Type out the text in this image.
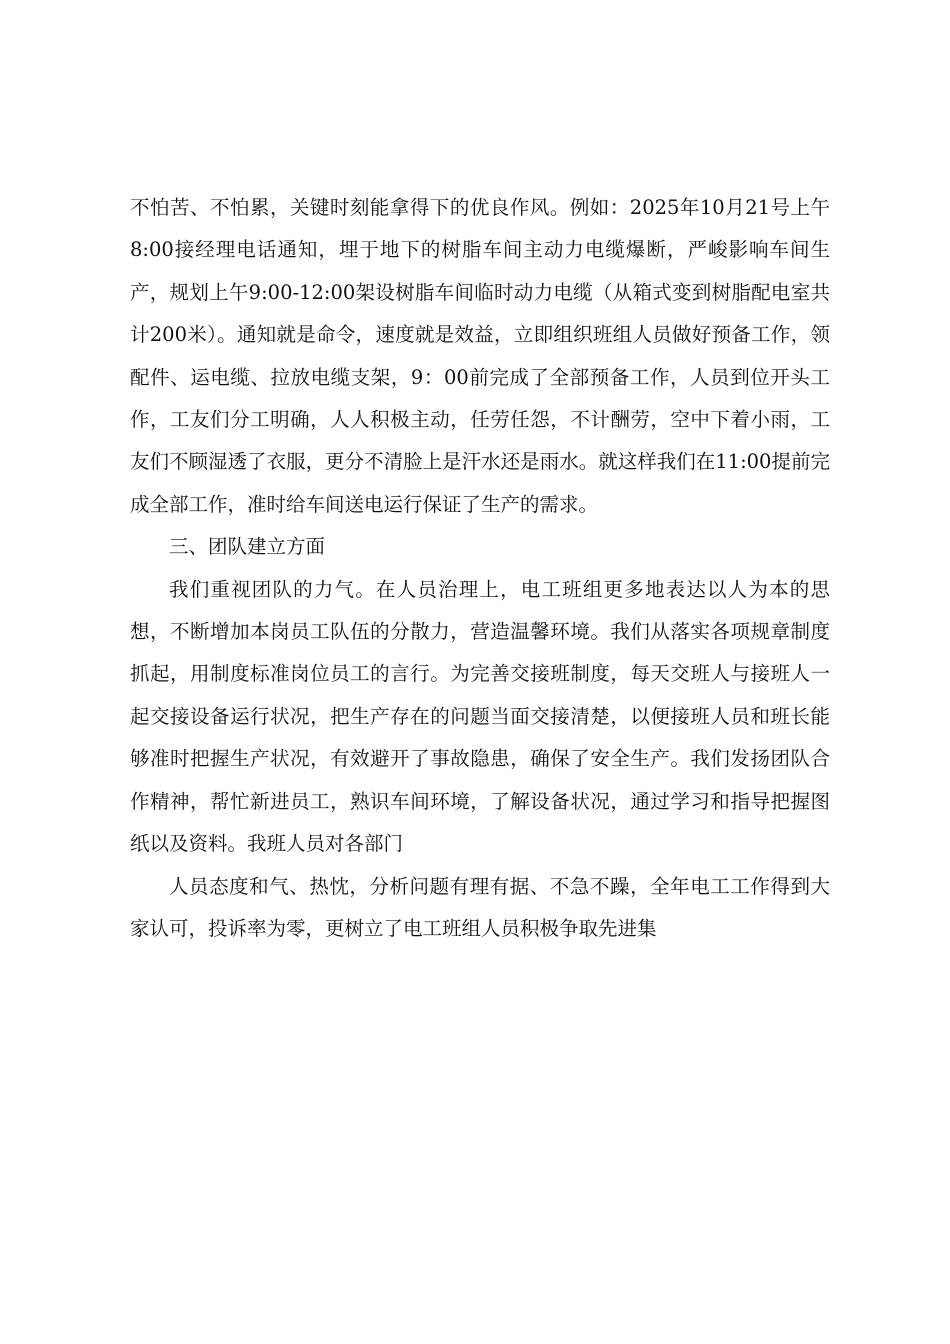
不怕苦、不怕累，关键时刻能拿得下的优良作风。例如：2025年10月21号上午8:00接经理电话通知，埋于地下的树脂车间主动力电缆爆断，严峻影响车间生产，规划上午9:00-12:00架设树脂车间临时动力电缆（从箱式变到树脂配电室共计200米）。通知就是命令，速度就是效益，立即组织班组人员做好预备工作，领配件、运电缆、拉放电缆支架，9：00前完成了全部预备工作，人员到位开头工作，工友们分工明确，人人积极主动，任劳任怨，不计酬劳，空中下着小雨，工友们不顾湿透了衣服，更分不清脸上是汗水还是雨水。就这样我们在11:00提前完成全部工作，准时给车间送电运行保证了生产的需求。

三、团队建立方面

我们重视团队的力气。在人员治理上，电工班组更多地表达以人为本的思想，不断增加本岗员工队伍的分散力，营造温馨环境。我们从落实各项规章制度抓起，用制度标准岗位员工的言行。为完善交接班制度，每天交班人与接班人一起交接设备运行状况，把生产存在的问题当面交接清楚，以便接班人员和班长能够准时把握生产状况，有效避开了事故隐患，确保了安全生产。我们发扬团队合作精神，帮忙新进员工，熟识车间环境，了解设备状况，通过学习和指导把握图纸以及资料。我班人员对各部门

人员态度和气、热忱，分析问题有理有据、不急不躁，全年电工工作得到大家认可，投诉率为零，更树立了电工班组人员积极争取先进集
